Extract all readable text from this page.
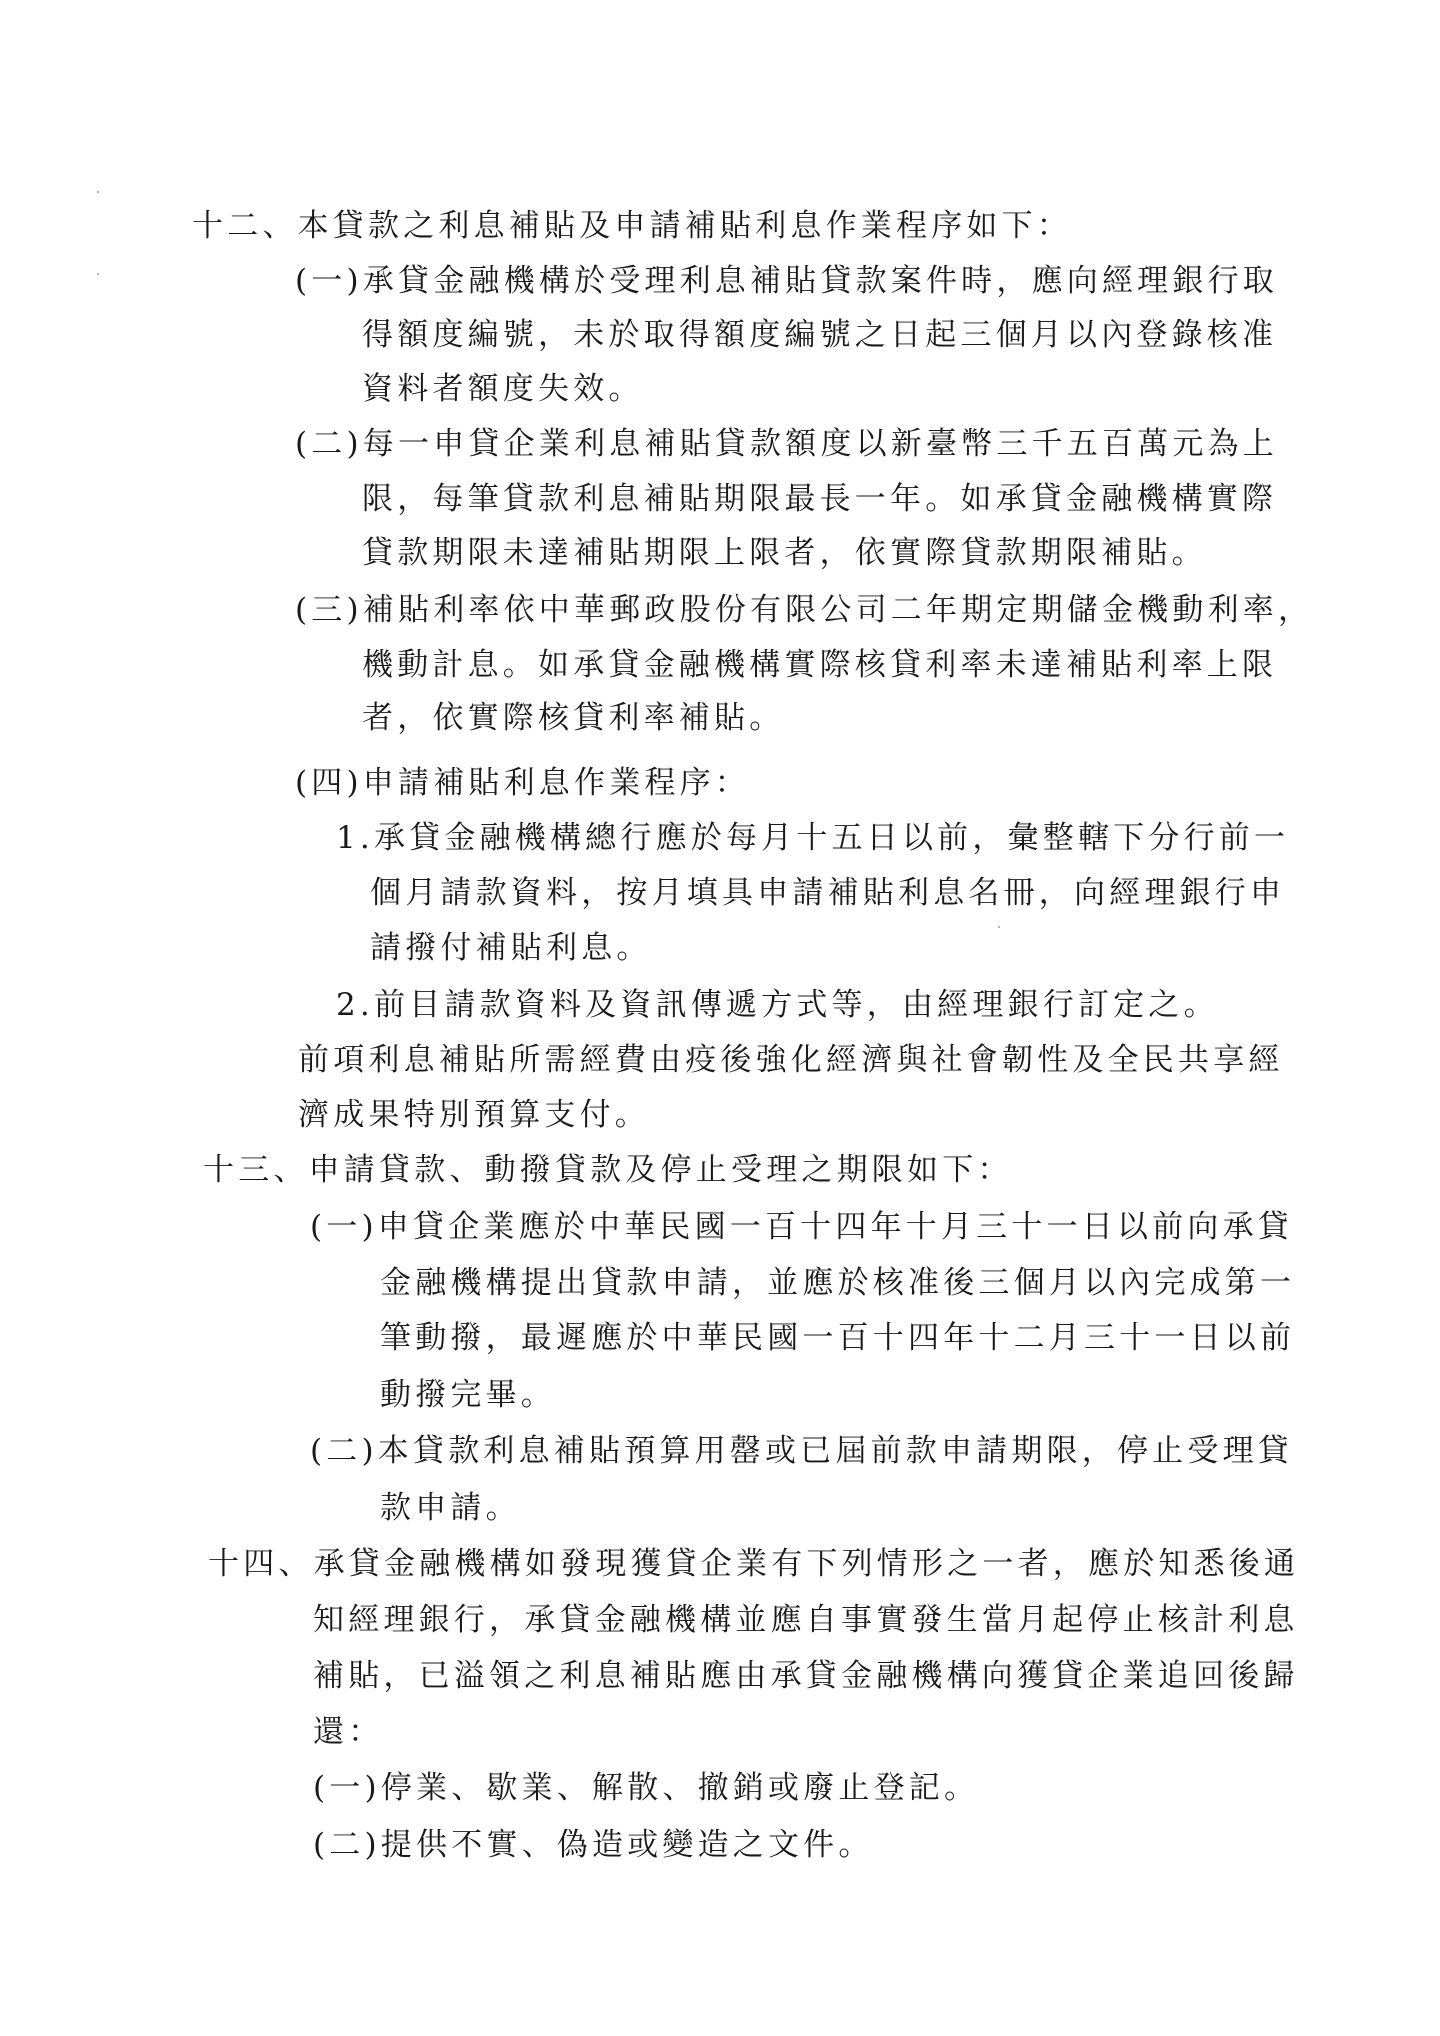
十二、本貸款之利息補貼及申請補貼利息作業程序如下：
(一)承貸金融機構於受理利息補貼貸款案件時，應向經理銀行取
得額度編號，未於取得額度編號之日起三個月以內登錄核准
資料者額度失效。
(二)每一申貸企業利息補貼貸款額度以新臺幣三千五百萬元為上
限，每筆貸款利息補貼期限最長一年。如承貸金融機構實際
貸款期限未達補貼期限上限者，依實際貸款期限補貼。
(三)補貼利率依中華郵政股份有限公司二年期定期儲金機動利率，
機動計息。如承貸金融機構實際核貸利率未達補貼利率上限
者，依實際核貸利率補貼。
(四)申請補貼利息作業程序：
1.承貸金融機構總行應於每月十五日以前，彙整轄下分行前一
個月請款資料，按月填具申請補貼利息名冊，向經理銀行申
請撥付補貼利息。
2.前目請款資料及資訊傳遞方式等，由經理銀行訂定之。
前項利息補貼所需經費由疫後強化經濟與社會韌性及全民共享經
濟成果特別預算支付。
十三、申請貸款、動撥貸款及停止受理之期限如下：
(一)申貸企業應於中華民國一百十四年十月三十一日以前向承貸
金融機構提出貸款申請，並應於核准後三個月以內完成第一
筆動撥，最遲應於中華民國一百十四年十二月三十一日以前
動撥完畢。
(二)本貸款利息補貼預算用罄或已屆前款申請期限，停止受理貸
款申請。
十四、承貸金融機構如發現獲貸企業有下列情形之一者，應於知悉後通
知經理銀行，承貸金融機構並應自事實發生當月起停止核計利息
補貼，已溢領之利息補貼應由承貸金融機構向獲貸企業追回後歸
還：
(一)停業、歇業、解散、撤銷或廢止登記。
(二)提供不實、偽造或變造之文件。
